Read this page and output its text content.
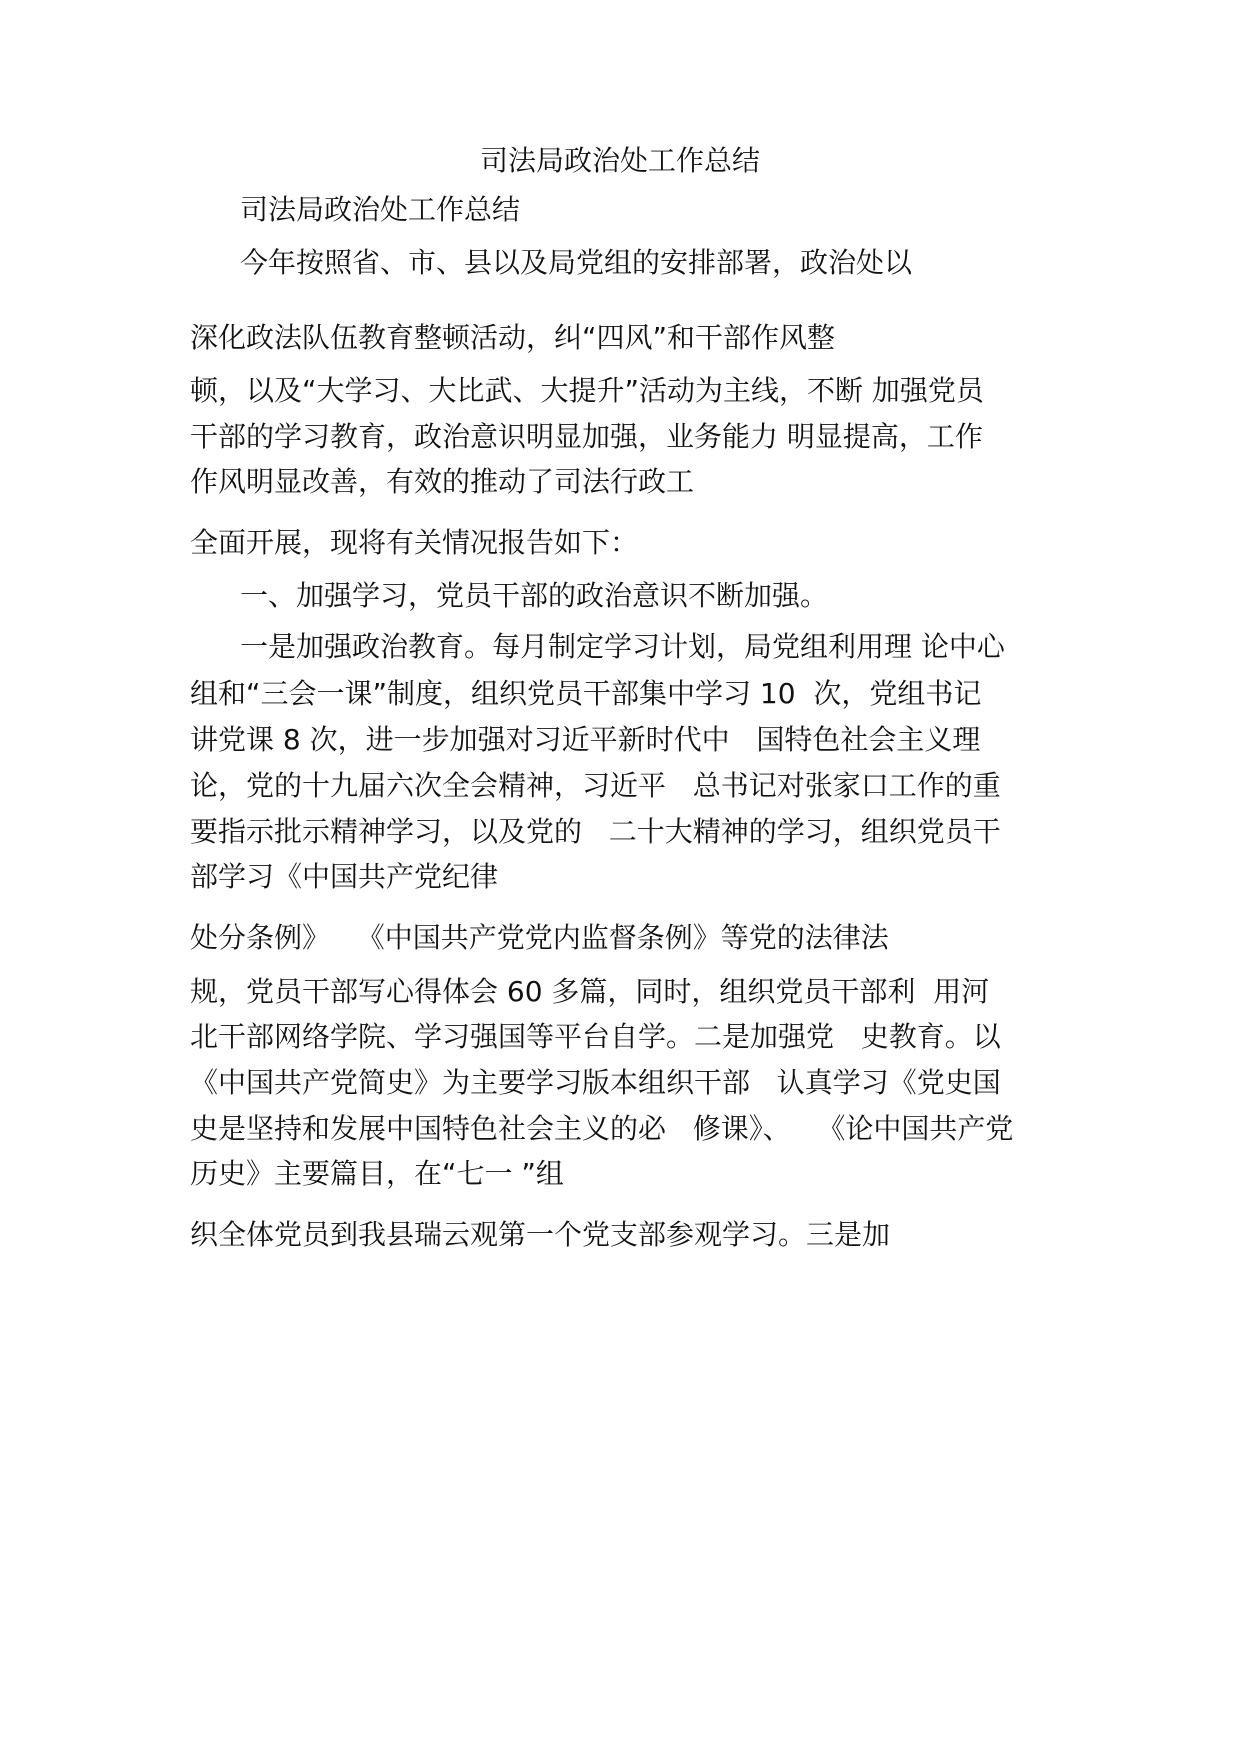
司法局政治处工作总结
司法局政治处工作总结
今年按照省、市、县以及局党组的安排部署，政治处以
深化政法队伍教育整顿活动，纠“四风”和干部作风整
顿，以及“大学习、大比武、大提升”活动为主线，不断 加强党员
干部的学习教育，政治意识明显加强，业务能力 明显提高，工作
作风明显改善，有效的推动了司法行政工
全面开展，现将有关情况报告如下：
一、加强学习，党员干部的政治意识不断加强。
一是加强政治教育。每月制定学习计划，局党组利用理 论中心
组和“三会一课”制度，组织党员干部集中学习 10  次，党组书记
讲党课 8 次，进一步加强对习近平新时代中   国特色社会主义理
论，党的十九届六次全会精神，习近平   总书记对张家口工作的重
要指示批示精神学习，以及党的   二十大精神的学习，组织党员干
部学习《中国共产党纪律
处分条例》   《中国共产党党内监督条例》等党的法律法
规，党员干部写心得体会 60 多篇，同时，组织党员干部利  用河
北干部网络学院、学习强国等平台自学。二是加强党   史教育。以
《中国共产党简史》为主要学习版本组织干部   认真学习《党史国
史是坚持和发展中国特色社会主义的必   修课》、   《论中国共产党
历史》主要篇目，在“七一 ”组
织全体党员到我县瑞云观第一个党支部参观学习。三是加
